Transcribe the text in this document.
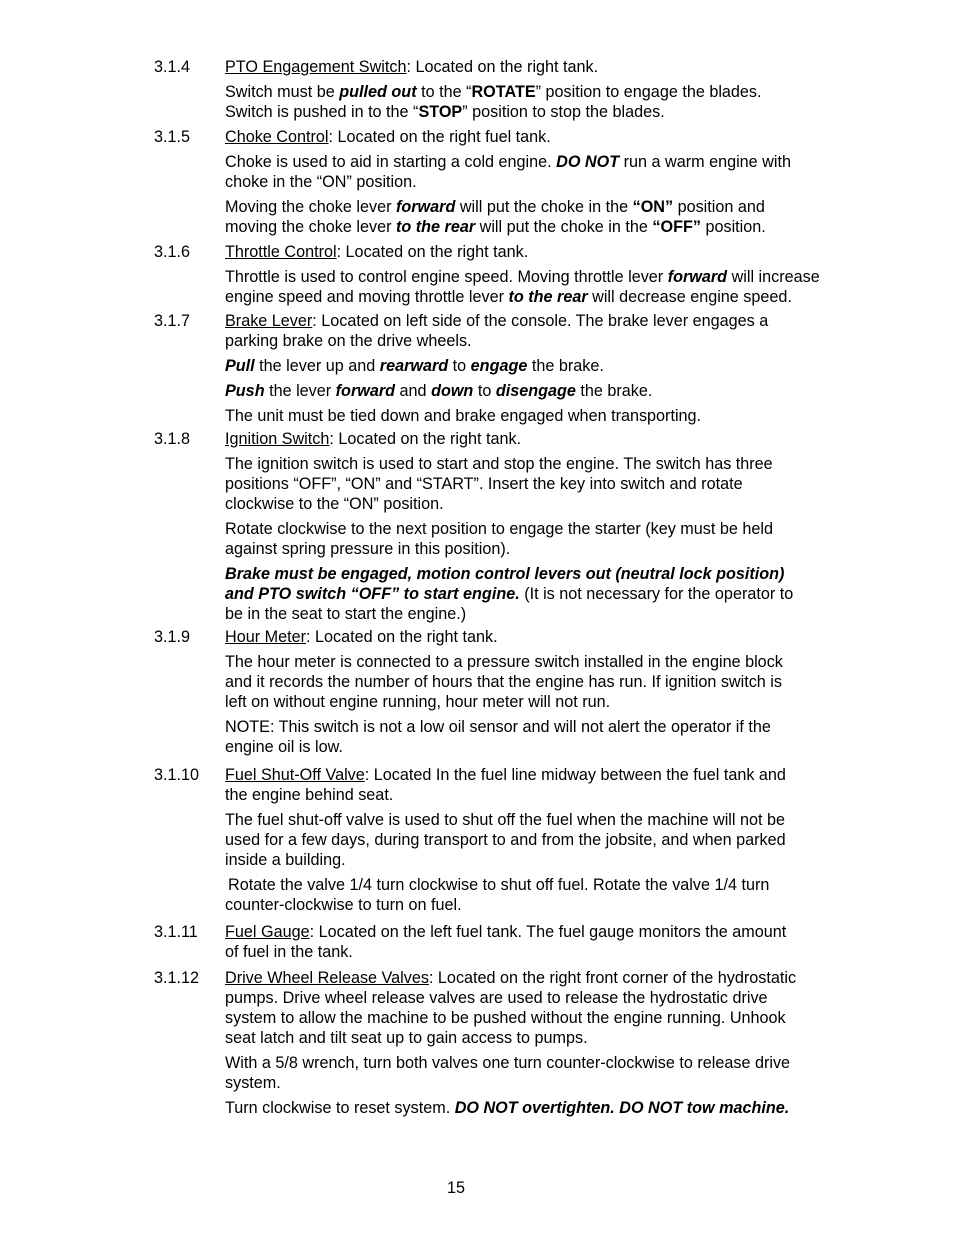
3.1.4 PTO Engagement Switch: Located on the right tank.
Switch must be pulled out to the “ROTATE” position to engage the blades.
Switch is pushed in to the “STOP” position to stop the blades.
3.1.5 Choke Control: Located on the right fuel tank.
Choke is used to aid in starting a cold engine. DO NOT run a warm engine with
choke in the “ON” position.
Moving the choke lever forward will put the choke in the “ON” position and
moving the choke lever to the rear will put the choke in the “OFF” position.
3.1.6 Throttle Control: Located on the right tank.
Throttle is used to control engine speed. Moving throttle lever forward will increase
engine speed and moving throttle lever to the rear will decrease engine speed.
3.1.7 Brake Lever: Located on left side of the console. The brake lever engages a
parking brake on the drive wheels.
Pull the lever up and rearward to engage the brake.
Push the lever forward and down to disengage the brake.
The unit must be tied down and brake engaged when transporting.
3.1.8 Ignition Switch: Located on the right tank.
The ignition switch is used to start and stop the engine. The switch has three
positions “OFF”, “ON” and “START”. Insert the key into switch and rotate
clockwise to the “ON” position.
Rotate clockwise to the next position to engage the starter (key must be held
against spring pressure in this position).
Brake must be engaged, motion control levers out (neutral lock position)
and PTO switch “OFF” to start engine. (It is not necessary for the operator to
be in the seat to start the engine.)
3.1.9 Hour Meter: Located on the right tank.
The hour meter is connected to a pressure switch installed in the engine block
and it records the number of hours that the engine has run. If ignition switch is
left on without engine running, hour meter will not run.
NOTE: This switch is not a low oil sensor and will not alert the operator if the
engine oil is low.
3.1.10 Fuel Shut-Off Valve: Located In the fuel line midway between the fuel tank and
the engine behind seat.
The fuel shut-off valve is used to shut off the fuel when the machine will not be
used for a few days, during transport to and from the jobsite, and when parked
inside a building.
Rotate the valve 1/4 turn clockwise to shut off fuel. Rotate the valve 1/4 turn
counter-clockwise to turn on fuel.
3.1.11 Fuel Gauge: Located on the left fuel tank. The fuel gauge monitors the amount
of fuel in the tank.
3.1.12 Drive Wheel Release Valves: Located on the right front corner of the hydrostatic
pumps. Drive wheel release valves are used to release the hydrostatic drive
system to allow the machine to be pushed without the engine running. Unhook
seat latch and tilt seat up to gain access to pumps.
With a 5/8 wrench, turn both valves one turn counter-clockwise to release drive
system.
Turn clockwise to reset system. DO NOT overtighten. DO NOT tow machine.
15
